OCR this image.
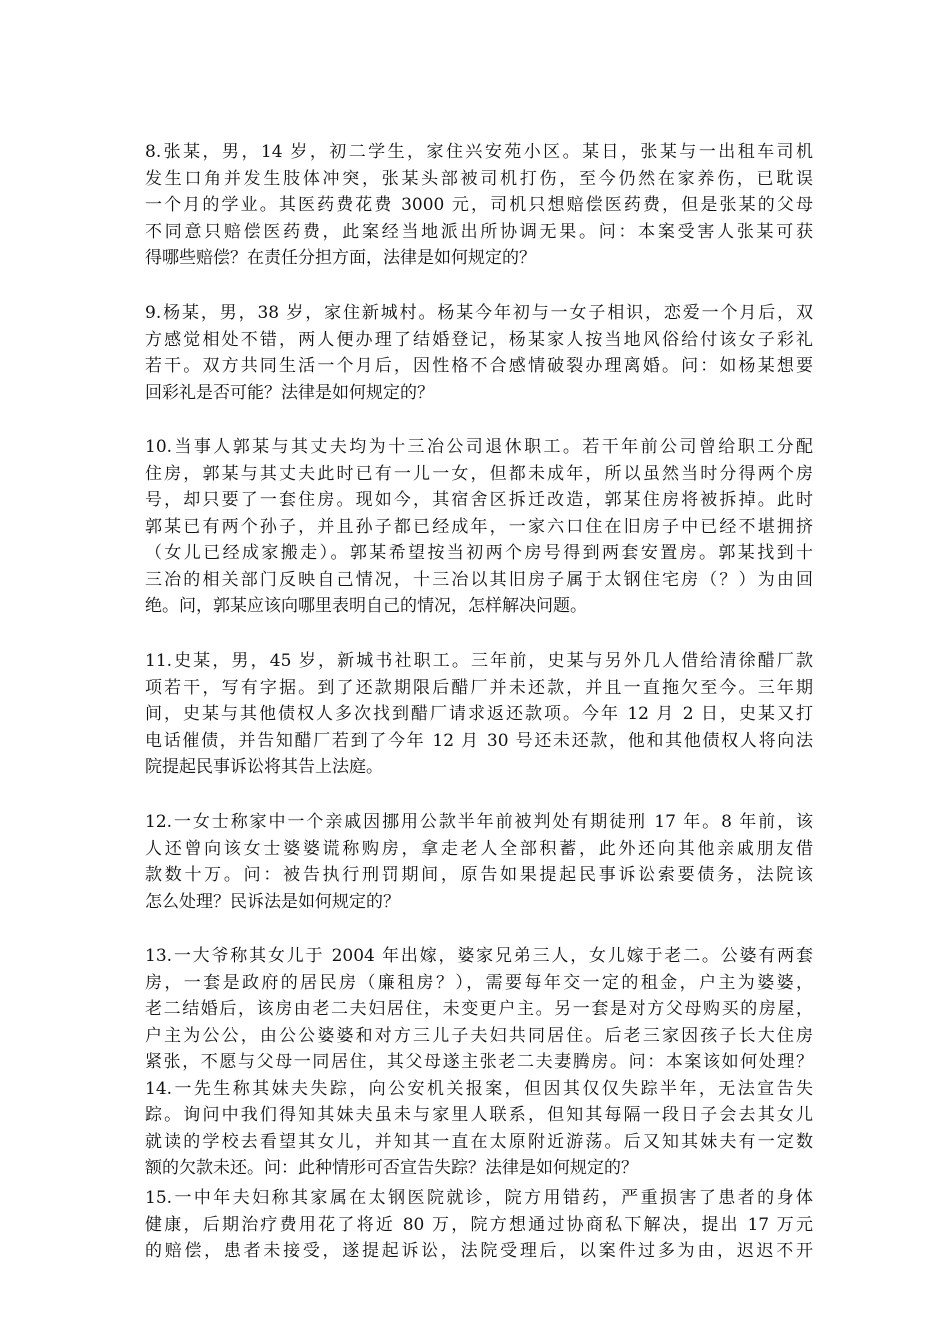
8.张某，男，14 岁，初二学生，家住兴安苑小区。某日，张某与一出租车司机
发生口角并发生肢体冲突，张某头部被司机打伤，至今仍然在家养伤，已耽误
一个月的学业。其医药费花费 3000 元，司机只想赔偿医药费，但是张某的父母
不同意只赔偿医药费，此案经当地派出所协调无果。问：本案受害人张某可获
得哪些赔偿？在责任分担方面，法律是如何规定的？
9.杨某，男，38 岁，家住新城村。杨某今年初与一女子相识，恋爱一个月后，双
方感觉相处不错，两人便办理了结婚登记，杨某家人按当地风俗给付该女子彩礼
若干。双方共同生活一个月后，因性格不合感情破裂办理离婚。问：如杨某想要
回彩礼是否可能？法律是如何规定的？
10.当事人郭某与其丈夫均为十三冶公司退休职工。若干年前公司曾给职工分配
住房，郭某与其丈夫此时已有一儿一女，但都未成年，所以虽然当时分得两个房
号，却只要了一套住房。现如今，其宿舍区拆迁改造，郭某住房将被拆掉。此时
郭某已有两个孙子，并且孙子都已经成年，一家六口住在旧房子中已经不堪拥挤
（女儿已经成家搬走）。郭某希望按当初两个房号得到两套安置房。郭某找到十
三冶的相关部门反映自己情况，十三冶以其旧房子属于太钢住宅房（？）为由回
绝。问，郭某应该向哪里表明自己的情况，怎样解决问题。
11.史某，男，45 岁，新城书社职工。三年前，史某与另外几人借给清徐醋厂款
项若干，写有字据。到了还款期限后醋厂并未还款，并且一直拖欠至今。三年期
间，史某与其他债权人多次找到醋厂请求返还款项。今年 12 月 2 日，史某又打
电话催债，并告知醋厂若到了今年 12 月 30 号还未还款，他和其他债权人将向法
院提起民事诉讼将其告上法庭。
12.一女士称家中一个亲戚因挪用公款半年前被判处有期徒刑 17 年。8 年前，该
人还曾向该女士婆婆谎称购房，拿走老人全部积蓄，此外还向其他亲戚朋友借
款数十万。问：被告执行刑罚期间，原告如果提起民事诉讼索要债务，法院该
怎么处理？民诉法是如何规定的？
13.一大爷称其女儿于 2004 年出嫁，婆家兄弟三人，女儿嫁于老二。公婆有两套
房，一套是政府的居民房（廉租房？），需要每年交一定的租金，户主为婆婆，
老二结婚后，该房由老二夫妇居住，未变更户主。另一套是对方父母购买的房屋，
户主为公公，由公公婆婆和对方三儿子夫妇共同居住。后老三家因孩子长大住房
紧张，不愿与父母一同居住，其父母遂主张老二夫妻腾房。问：本案该如何处理？
14.一先生称其妹夫失踪，向公安机关报案，但因其仅仅失踪半年，无法宣告失
踪。询问中我们得知其妹夫虽未与家里人联系，但知其每隔一段日子会去其女儿
就读的学校去看望其女儿，并知其一直在太原附近游荡。后又知其妹夫有一定数
额的欠款未还。问：此种情形可否宣告失踪？法律是如何规定的？
15.一中年夫妇称其家属在太钢医院就诊，院方用错药，严重损害了患者的身体
健康，后期治疗费用花了将近 80 万，院方想通过协商私下解决，提出 17 万元
的赔偿，患者未接受，遂提起诉讼，法院受理后，以案件过多为由，迟迟不开
